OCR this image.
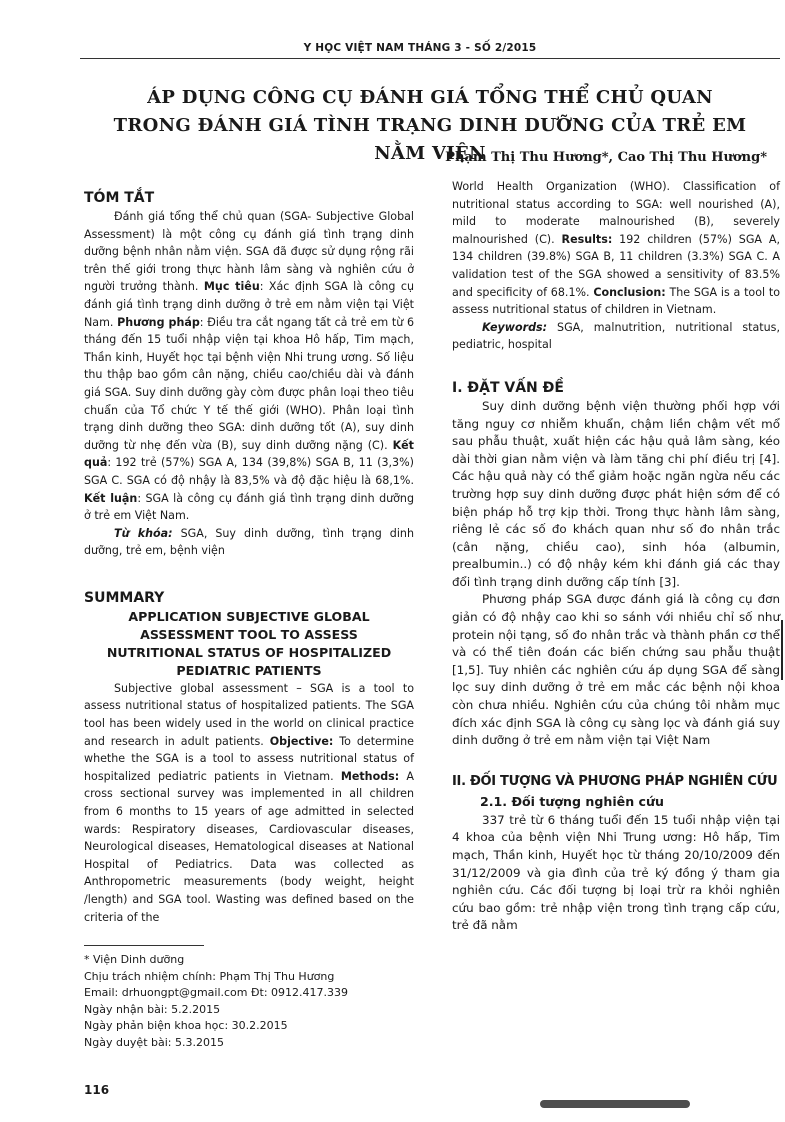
Y HỌC VIỆT NAM THÁNG 3 - SỐ 2/2015
ÁP DỤNG CÔNG CỤ ĐÁNH GIÁ TỔNG THỂ CHỦ QUAN
TRONG ĐÁNH GIÁ TÌNH TRẠNG DINH DƯỠNG CỦA TRẺ EM NẰM VIỆN
Phạm Thị Thu Hương*, Cao Thị Thu Hương*
TÓM TẮT

Đánh giá tổng thể chủ quan (SGA- Subjective Global Assessment) là một công cụ đánh giá tình trạng dinh dưỡng bệnh nhân nằm viện. SGA đã được sử dụng rộng rãi trên thế giới trong thực hành lâm sàng và nghiên cứu ở người trưởng thành. Mục tiêu: Xác định SGA là công cụ đánh giá tình trạng dinh dưỡng ở trẻ em nằm viện tại Việt Nam. Phương pháp: Điều tra cắt ngang tất cả trẻ em từ 6 tháng đến 15 tuổi nhập viện tại khoa Hô hấp, Tim mạch, Thần kinh, Huyết học tại bệnh viện Nhi trung ương. Số liệu thu thập bao gồm cân nặng, chiều cao/chiều dài và đánh giá SGA. Suy dinh dưỡng gày còm được phân loại theo tiêu chuẩn của Tổ chức Y tế thế giới (WHO). Phân loại tình trạng dinh dưỡng theo SGA: dinh dưỡng tốt (A), suy dinh dưỡng từ nhẹ đến vừa (B), suy dinh dưỡng nặng (C). Kết quả: 192 trẻ (57%) SGA A, 134 (39,8%) SGA B, 11 (3,3%) SGA C. SGA có độ nhậy là 83,5% và độ đặc hiệu là 68,1%. Kết luận: SGA là công cụ đánh giá tình trạng dinh dưỡng ở trẻ em Việt Nam.

Từ khóa: SGA, Suy dinh dưỡng, tình trạng dinh dưỡng, trẻ em, bệnh viện

SUMMARY
APPLICATION SUBJECTIVE GLOBAL
ASSESSMENT TOOL TO ASSESS
NUTRITIONAL STATUS OF HOSPITALIZED
PEDIATRIC PATIENTS

Subjective global assessment – SGA is a tool to assess nutritional status of hospitalized patients. The SGA tool has been widely used in the world on clinical practice and research in adult patients. Objective: To determine whethe the SGA is a tool to assess nutritional status of hospitalized pediatric patients in Vietnam. Methods: A cross sectional survey was implemented in all children from 6 months to 15 years of age admitted in selected wards: Respiratory diseases, Cardiovascular diseases, Neurological diseases, Hematological diseases at National Hospital of Pediatrics. Data was collected as Anthropometric measurements (body weight, height /length) and SGA tool. Wasting was defined based on the criteria of the

World Health Organization (WHO). Classification of nutritional status according to SGA: well nourished (A), mild to moderate malnourished (B), severely malnourished (C). Results: 192 children (57%) SGA A, 134 children (39.8%) SGA B, 11 children (3.3%) SGA C. A validation test of the SGA showed a sensitivity of 83.5% and specificity of 68.1%. Conclusion: The SGA is a tool to assess nutritional status of children in Vietnam.

Keywords: SGA, malnutrition, nutritional status, pediatric, hospital

I. ĐẶT VẤN ĐỀ

Suy dinh dưỡng bệnh viện thường phối hợp với tăng nguy cơ nhiễm khuẩn, chậm liền chậm vết mổ sau phẫu thuật, xuất hiện các hậu quả lâm sàng, kéo dài thời gian nằm viện và làm tăng chi phí điều trị [4]. Các hậu quả này có thể giảm hoặc ngăn ngừa nếu các trường hợp suy dinh dưỡng được phát hiện sớm để có biện pháp hỗ trợ kịp thời. Trong thực hành lâm sàng, riêng lẻ các số đo khách quan như số đo nhân trắc (cân nặng, chiều cao), sinh hóa (albumin, prealbumin..) có độ nhậy kém khi đánh giá các thay đổi tình trạng dinh dưỡng cấp tính [3].

Phương pháp SGA được đánh giá là công cụ đơn giản có độ nhậy cao khi so sánh với nhiều chỉ số như protein nội tạng, số đo nhân trắc và thành phần cơ thể và có thể tiên đoán các biến chứng sau phẫu thuật [1,5]. Tuy nhiên các nghiên cứu áp dụng SGA để sàng lọc suy dinh dưỡng ở trẻ em mắc các bệnh nội khoa còn chưa nhiều. Nghiên cứu của chúng tôi nhằm mục đích xác định SGA là công cụ sàng lọc và đánh giá suy dinh dưỡng ở trẻ em nằm viện tại Việt Nam

II. ĐỐI TƯỢNG VÀ PHƯƠNG PHÁP NGHIÊN CỨU
2.1. Đối tượng nghiên cứu

337 trẻ từ 6 tháng tuổi đến 15 tuổi nhập viện tại 4 khoa của bệnh viện Nhi Trung ương: Hô hấp, Tim mạch, Thần kinh, Huyết học từ tháng 20/10/2009 đến 31/12/2009 và gia đình của trẻ ký đồng ý tham gia nghiên cứu. Các đối tượng bị loại trừ ra khỏi nghiên cứu bao gồm: trẻ nhập viện trong tình trạng cấp cứu, trẻ đã nằm

* Viện Dinh dưỡng
Chịu trách nhiệm chính: Phạm Thị Thu Hương
Email: drhuongpt@gmail.com Đt: 0912.417.339
Ngày nhận bài: 5.2.2015
Ngày phản biện khoa học: 30.2.2015
Ngày duyệt bài: 5.3.2015
116
